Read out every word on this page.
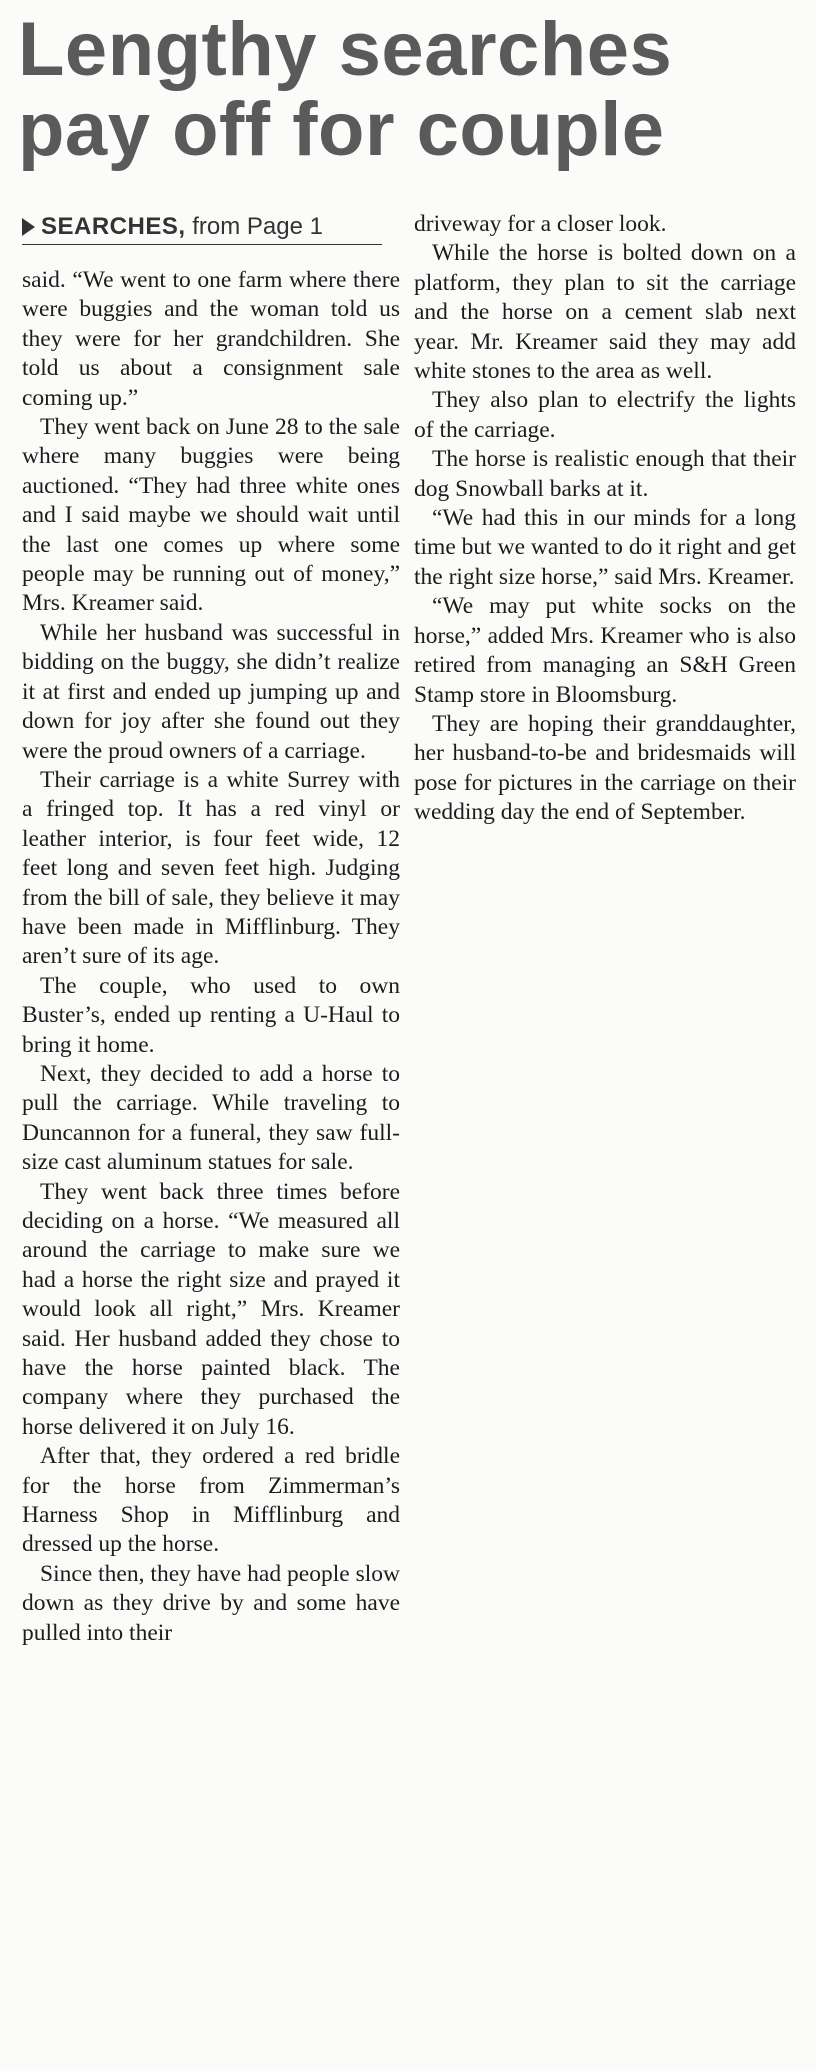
Lengthy searches
pay off for couple
SEARCHES, from Page 1

said. “We went to one farm where there were buggies and the woman told us they were for her grandchildren. She told us about a consignment sale coming up.”

They went back on June 28 to the sale where many buggies were being auctioned. “They had three white ones and I said maybe we should wait until the last one comes up where some people may be running out of money,” Mrs. Kreamer said.

While her husband was successful in bidding on the buggy, she didn’t realize it at first and ended up jumping up and down for joy after she found out they were the proud owners of a carriage.

Their carriage is a white Surrey with a fringed top. It has a red vinyl or leather interior, is four feet wide, 12 feet long and seven feet high. Judging from the bill of sale, they believe it may have been made in Mifflinburg. They aren’t sure of its age.

The couple, who used to own Buster’s, ended up renting a U-Haul to bring it home.

Next, they decided to add a horse to pull the carriage. While traveling to Duncannon for a funeral, they saw full-size cast aluminum statues for sale.

They went back three times before deciding on a horse. “We measured all around the carriage to make sure we had a horse the right size and prayed it would look all right,” Mrs. Kreamer said. Her husband added they chose to have the horse painted black. The company where they purchased the horse delivered it on July 16.

After that, they ordered a red bridle for the horse from Zimmerman’s Harness Shop in Mifflinburg and dressed up the horse.

Since then, they have had people slow down as they drive by and some have pulled into their

driveway for a closer look.

While the horse is bolted down on a platform, they plan to sit the carriage and the horse on a cement slab next year. Mr. Kreamer said they may add white stones to the area as well.

They also plan to electrify the lights of the carriage.

The horse is realistic enough that their dog Snowball barks at it.

“We had this in our minds for a long time but we wanted to do it right and get the right size horse,” said Mrs. Kreamer.

“We may put white socks on the horse,” added Mrs. Kreamer who is also retired from managing an S&H Green Stamp store in Bloomsburg.

They are hoping their granddaughter, her husband-to-be and bridesmaids will pose for pictures in the carriage on their wedding day the end of September.
